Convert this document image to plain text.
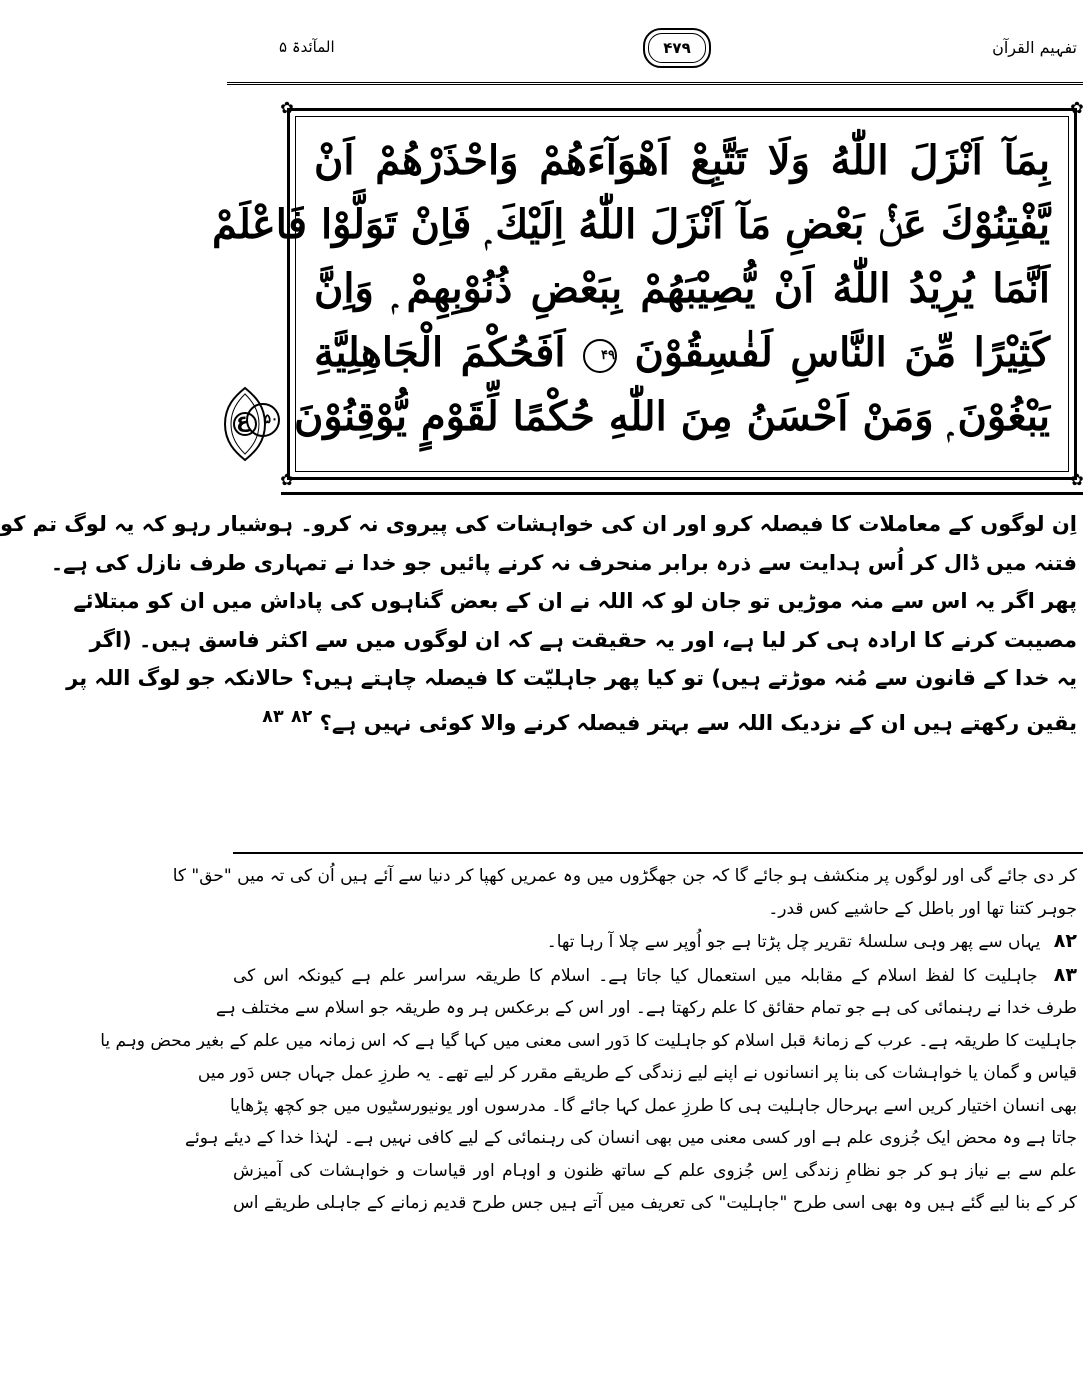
تفہیم القرآن
۴۷۹
المآئدۃ ۵
ع
✿	✿
✿	✿
بِمَآ اَنْزَلَ اللّٰهُ وَلَا تَتَّبِعْ اَهْوَآءَهُمْ وَاحْذَرْهُمْ اَنْ
يَّفْتِنُوْكَ عَنْۢ بَعْضِ مَآ اَنْزَلَ اللّٰهُ اِلَيْكَ ۭ فَاِنْ تَوَلَّوْا فَاعْلَمْ
اَنَّمَا يُرِيْدُ اللّٰهُ اَنْ يُّصِيْبَهُمْ بِبَعْضِ ذُنُوْبِهِمْ ۭ وَاِنَّ
كَثِيْرًا مِّنَ النَّاسِ لَفٰسِقُوْنَ ۴۹ اَفَحُكْمَ الْجَاهِلِيَّةِ
يَبْغُوْنَ ۭ وَمَنْ اَحْسَنُ مِنَ اللّٰهِ حُكْمًا لِّقَوْمٍ يُّوْقِنُوْنَ ۵۰
اِن لوگوں کے معاملات کا فیصلہ کرو اور ان کی خواہشات کی پیروی نہ کرو۔ ہوشیار رہو کہ یہ لوگ تم کو
فتنہ میں ڈال کر اُس ہدایت سے ذرہ برابر منحرف نہ کرنے پائیں جو خدا نے تمہاری طرف نازل کی ہے۔
پھر اگر یہ اس سے منہ موڑیں تو جان لو کہ اللہ نے ان کے بعض گناہوں کی پاداش میں ان کو مبتلائے
مصیبت کرنے کا ارادہ ہی کر لیا ہے، اور یہ حقیقت ہے کہ ان لوگوں میں سے اکثر فاسق ہیں۔ (اگر
یہ خدا کے قانون سے مُنہ موڑتے ہیں) تو کیا پھر جاہلیّت کا فیصلہ چاہتے ہیں؟ حالانکہ جو لوگ اللہ پر
یقین رکھتے ہیں ان کے نزدیک اللہ سے بہتر فیصلہ کرنے والا کوئی نہیں ہے؟ $^{۸۲}$ $^{۸۳}$
کر دی جائے گی اور لوگوں پر منکشف ہو جائے گا کہ جن جھگڑوں میں وہ عمریں کھپا کر دنیا سے آئے ہیں اُن کی تہ میں "حق" کا
جوہر کتنا تھا اور باطل کے حاشیے کس قدر۔
۸۲ یہاں سے پھر وہی سلسلۂ تقریر چل پڑتا ہے جو اُوپر سے چلا آ رہا تھا۔
۸۳ جاہلیت کا لفظ اسلام کے مقابلہ میں استعمال کیا جاتا ہے۔ اسلام کا طریقہ سراسر علم ہے کیونکہ اس کی
طرف خدا نے رہنمائی کی ہے جو تمام حقائق کا علم رکھتا ہے۔ اور اس کے برعکس ہر وہ طریقہ جو اسلام سے مختلف ہے
جاہلیت کا طریقہ ہے۔ عرب کے زمانۂ قبل اسلام کو جاہلیت کا دَور اسی معنی میں کہا گیا ہے کہ اس زمانہ میں علم کے بغیر محض وہم یا
قیاس و گمان یا خواہشات کی بنا پر انسانوں نے اپنے لیے زندگی کے طریقے مقرر کر لیے تھے۔ یہ طرزِ عمل جہاں جس دَور میں
بھی انسان اختیار کریں اسے بہرحال جاہلیت ہی کا طرزِ عمل کہا جائے گا۔ مدرسوں اور یونیورسٹیوں میں جو کچھ پڑھایا
جاتا ہے وہ محض ایک جُزوی علم ہے اور کسی معنی میں بھی انسان کی رہنمائی کے لیے کافی نہیں ہے۔ لہٰذا خدا کے دیئے ہوئے
علم سے بے نیاز ہو کر جو نظامِ زندگی اِس جُزوی علم کے ساتھ ظنون و اوہام اور قیاسات و خواہشات کی آمیزش
کر کے بنا لیے گئے ہیں وہ بھی اسی طرح "جاہلیت" کی تعریف میں آتے ہیں جس طرح قدیم زمانے کے جاہلی طریقے اس
